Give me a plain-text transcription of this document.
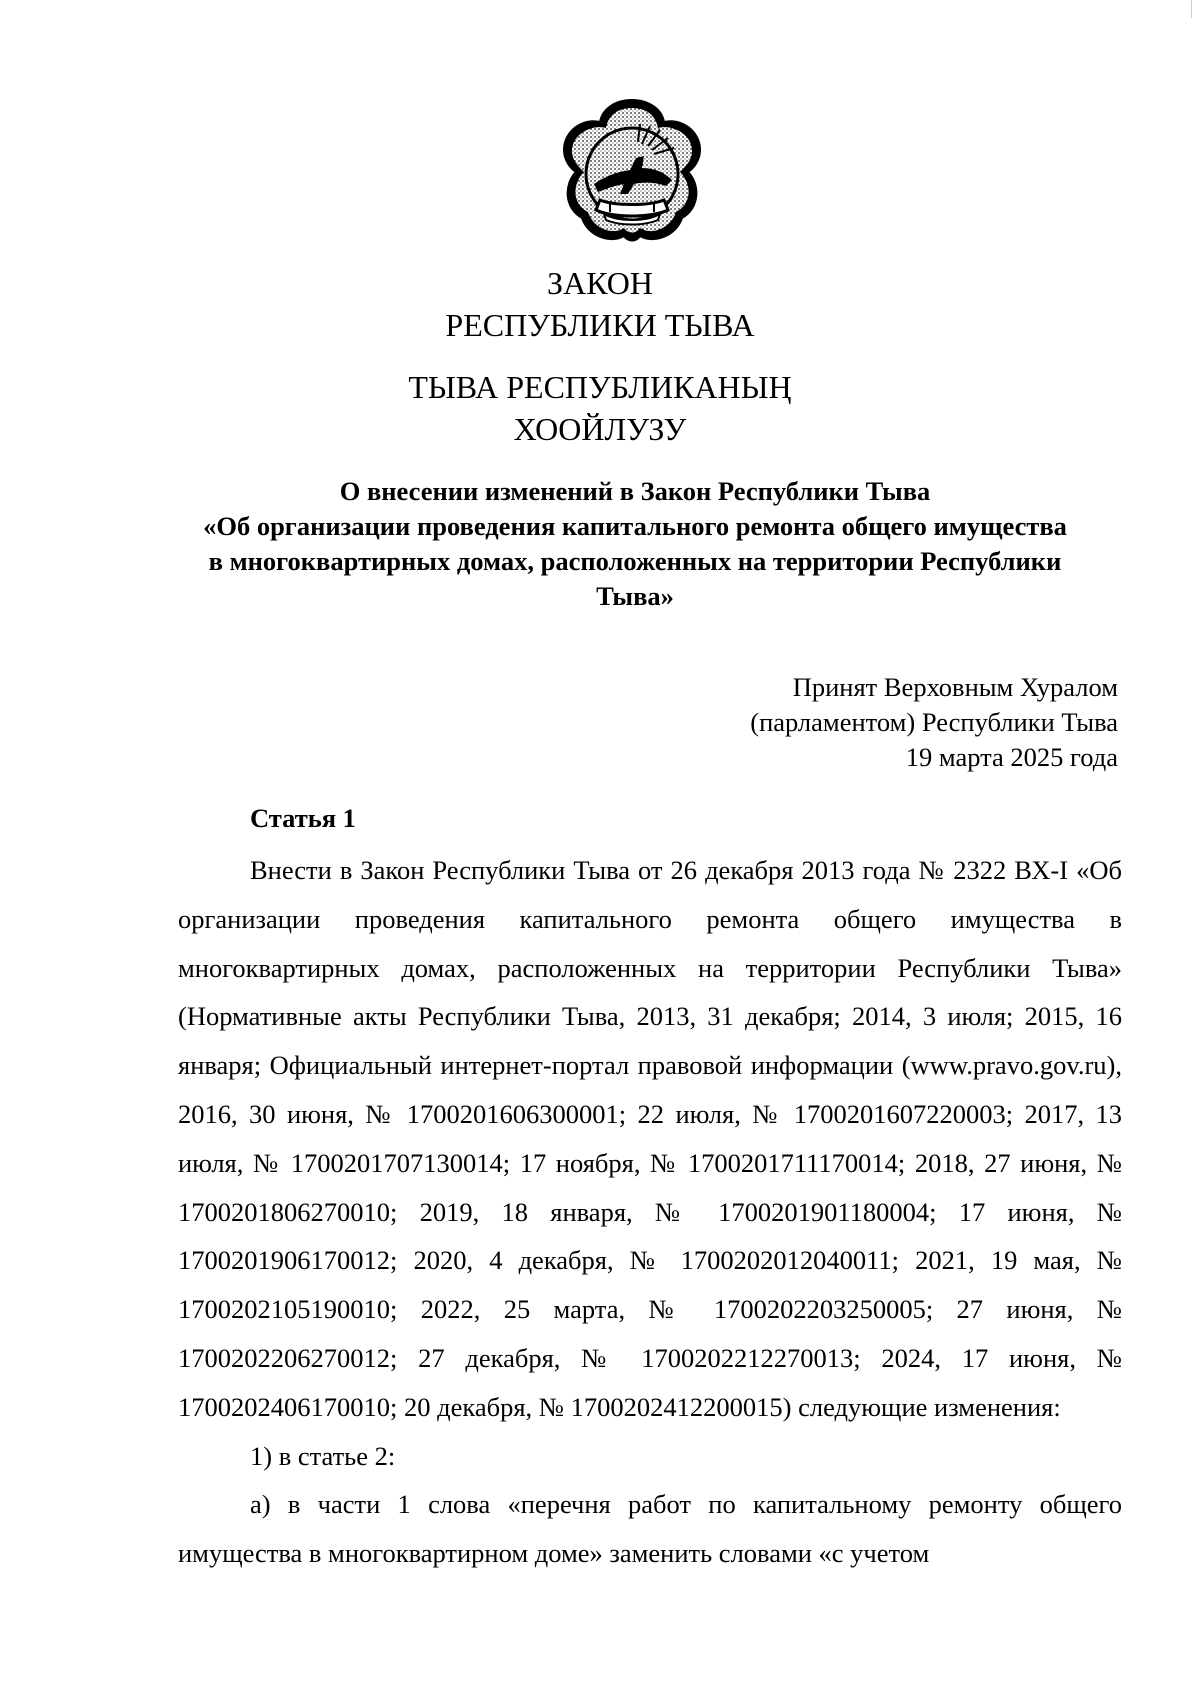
ЗАКОН
РЕСПУБЛИКИ ТЫВА
ТЫВА РЕСПУБЛИКАНЫҢ
ХООЙЛУЗУ
О внесении изменений в Закон Республики Тыва
«Об организации проведения капитального ремонта общего имущества
в многоквартирных домах, расположенных на территории Республики
Тыва»
Принят Верховным Хуралом
(парламентом) Республики Тыва
19 марта 2025 года
Статья 1

Внести в Закон Республики Тыва от 26 декабря 2013 года № 2322 ВХ-I «Об организации проведения капитального ремонта общего имущества в многоквартирных домах, расположенных на территории Республики Тыва» (Нормативные акты Республики Тыва, 2013, 31 декабря; 2014, 3 июля; 2015, 16 января; Официальный интернет-портал правовой информации (www.pravo.gov.ru), 2016, 30 июня, № 1700201606300001; 22 июля, № 1700201607220003; 2017, 13 июля, № 1700201707130014; 17 ноября, № 1700201711170014; 2018, 27 июня, № 1700201806270010; 2019, 18 января, № 1700201901180004; 17 июня, № 1700201906170012; 2020, 4 декабря, № 1700202012040011; 2021, 19 мая, № 1700202105190010; 2022, 25 марта, № 1700202203250005; 27 июня, № 1700202206270012; 27 декабря, № 1700202212270013; 2024, 17 июня, № 1700202406170010; 20 декабря, № 1700202412200015) следующие изменения:

1) в статье 2:

а) в части 1 слова «перечня работ по капитальному ремонту общего имущества в многоквартирном доме» заменить словами «с учетом
